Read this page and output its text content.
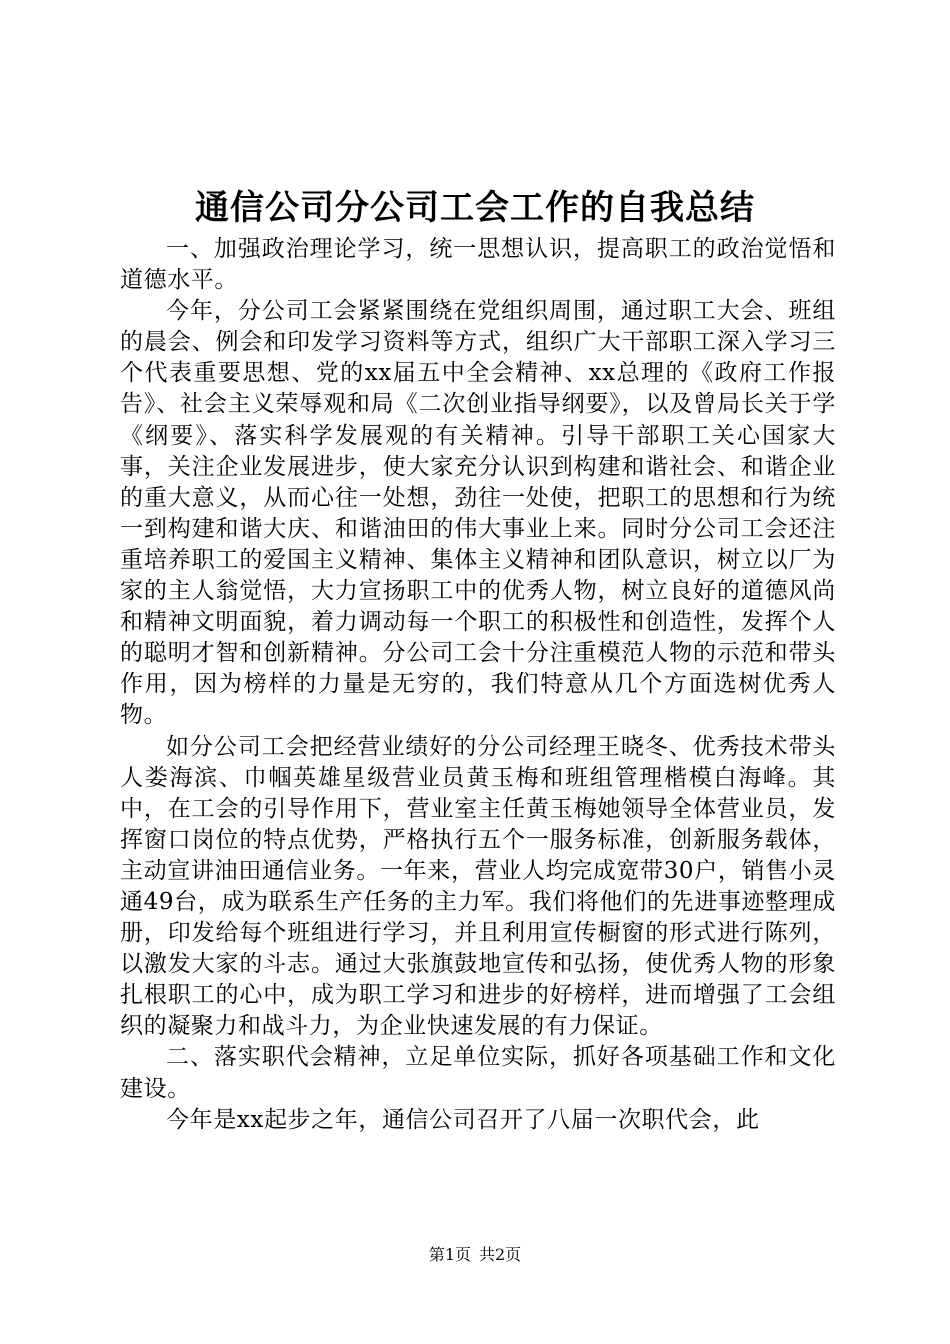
通信公司分公司工会工作的自我总结

一、加强政治理论学习，统一思想认识，提高职工的政治觉悟和道德水平。

今年，分公司工会紧紧围绕在党组织周围，通过职工大会、班组的晨会、例会和印发学习资料等方式，组织广大干部职工深入学习三个代表重要思想、党的xx届五中全会精神、xx总理的《政府工作报告》、社会主义荣辱观和局《二次创业指导纲要》，以及曾局长关于学《纲要》、落实科学发展观的有关精神。引导干部职工关心国家大事，关注企业发展进步，使大家充分认识到构建和谐社会、和谐企业的重大意义，从而心往一处想，劲往一处使，把职工的思想和行为统一到构建和谐大庆、和谐油田的伟大事业上来。同时分公司工会还注重培养职工的爱国主义精神、集体主义精神和团队意识，树立以厂为家的主人翁觉悟，大力宣扬职工中的优秀人物，树立良好的道德风尚和精神文明面貌，着力调动每一个职工的积极性和创造性，发挥个人的聪明才智和创新精神。分公司工会十分注重模范人物的示范和带头作用，因为榜样的力量是无穷的，我们特意从几个方面选树优秀人物。

如分公司工会把经营业绩好的分公司经理王晓冬、优秀技术带头人娄海滨、巾帼英雄星级营业员黄玉梅和班组管理楷模白海峰。其中，在工会的引导作用下，营业室主任黄玉梅她领导全体营业员，发挥窗口岗位的特点优势，严格执行五个一服务标准，创新服务载体，主动宣讲油田通信业务。一年来，营业人均完成宽带30户，销售小灵通49台，成为联系生产任务的主力军。我们将他们的先进事迹整理成册，印发给每个班组进行学习，并且利用宣传橱窗的形式进行陈列，以激发大家的斗志。通过大张旗鼓地宣传和弘扬，使优秀人物的形象扎根职工的心中，成为职工学习和进步的好榜样，进而增强了工会组织的凝聚力和战斗力，为企业快速发展的有力保证。

二、落实职代会精神，立足单位实际，抓好各项基础工作和文化建设。

今年是xx起步之年，通信公司召开了八届一次职代会，此

第1页 共2页
